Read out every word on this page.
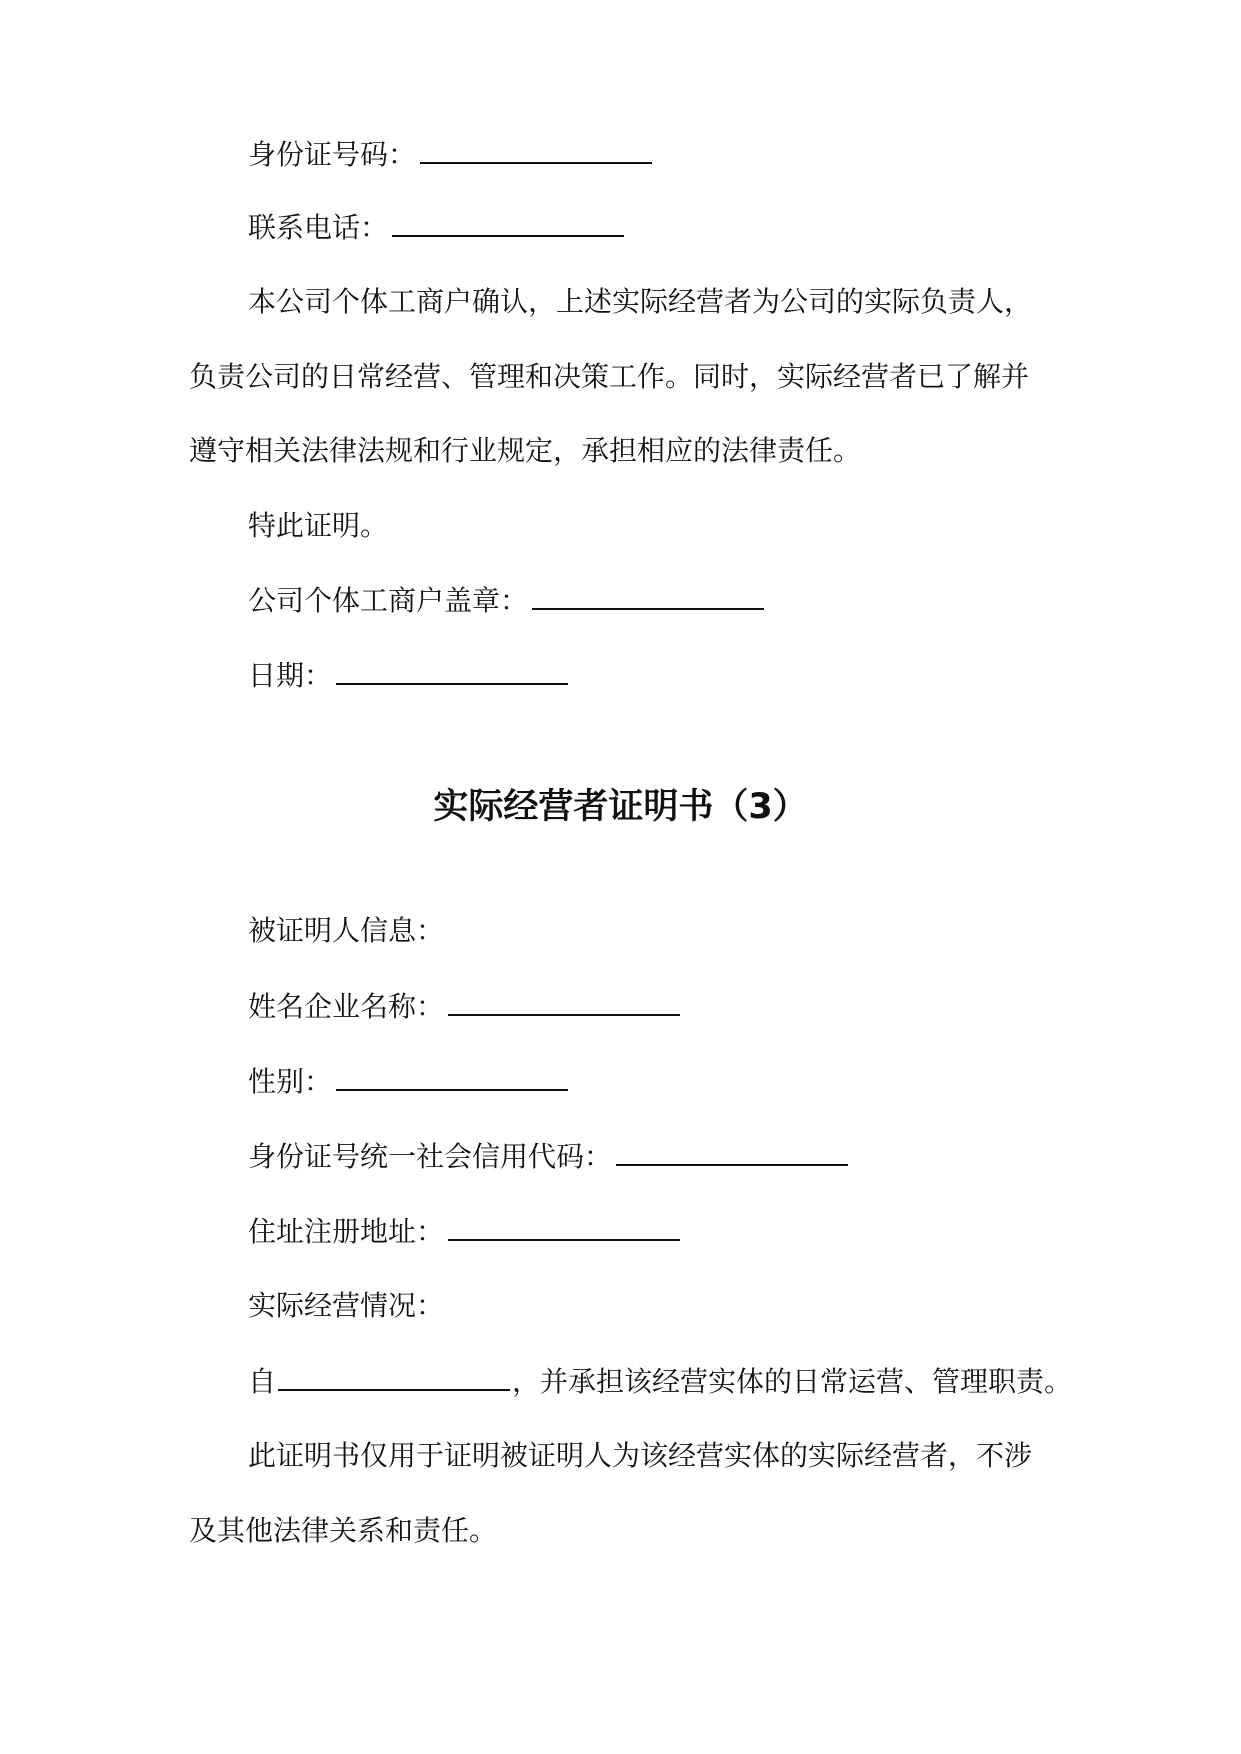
身份证号码：
联系电话：
本公司个体工商户确认，上述实际经营者为公司的实际负责人，
负责公司的日常经营、管理和决策工作。同时，实际经营者已了解并
遵守相关法律法规和行业规定，承担相应的法律责任。
特此证明。
公司个体工商户盖章：
日期：
实际经营者证明书（3）
被证明人信息：
姓名企业名称：
性别：
身份证号统一社会信用代码：
住址注册地址：
实际经营情况：
自	，并承担该经营实体的日常运营、管理职责。
此证明书仅用于证明被证明人为该经营实体的实际经营者，不涉
及其他法律关系和责任。
